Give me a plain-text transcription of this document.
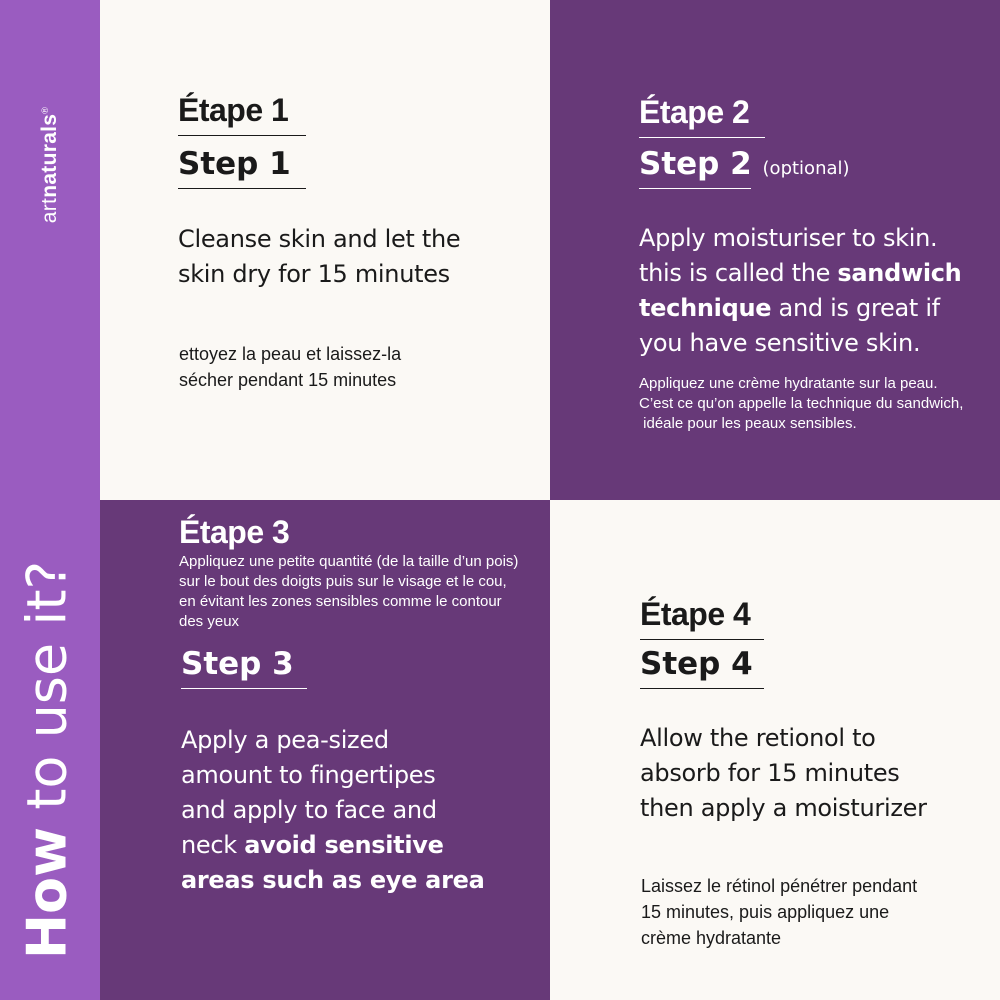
artnaturals®
How to use it?
Étape 1
Step 1
Cleanse skin and let the
skin dry for 15 minutes
ettoyez la peau et laissez-la
sécher pendant 15 minutes
Étape 2
Step 2 (optional)
Apply moisturiser to skin.
this is called the sandwich
technique and is great if
you have sensitive skin.
Appliquez une crème hydratante sur la peau.
C’est ce qu’on appelle la technique du sandwich,
idéale pour les peaux sensibles.
Étape 3
Appliquez une petite quantité (de la taille d’un pois)
sur le bout des doigts puis sur le visage et le cou,
en évitant les zones sensibles comme le contour
des yeux
Step 3
Apply a pea-sized
amount to fingertipes
and apply to face and
neck avoid sensitive
areas such as eye area
Étape 4
Step 4
Allow the retionol to
absorb for 15 minutes
then apply a moisturizer
Laissez le rétinol pénétrer pendant
15 minutes, puis appliquez une
crème hydratante
